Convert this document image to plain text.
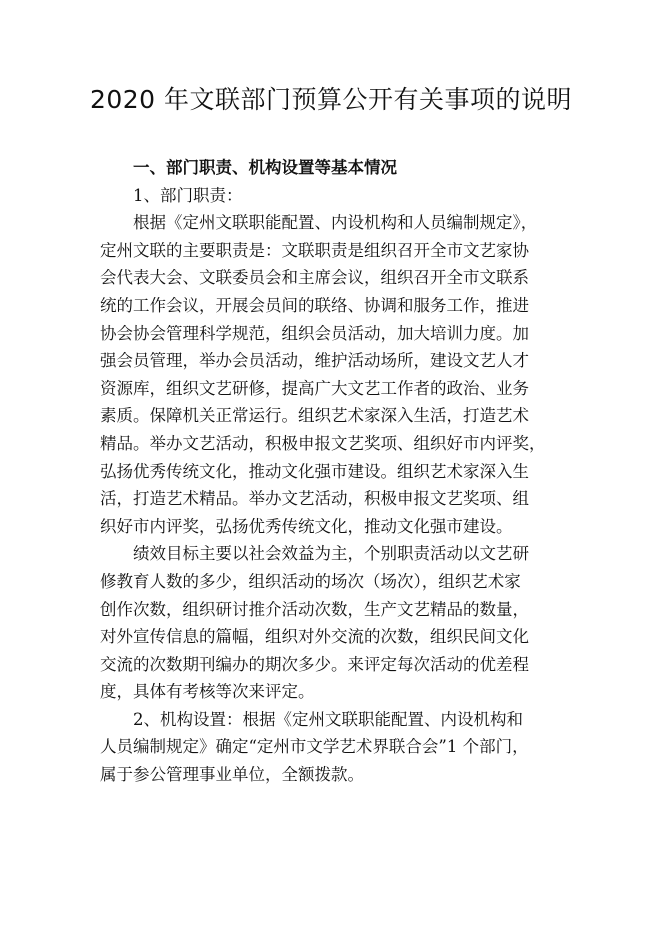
2020 年文联部门预算公开有关事项的说明

一、部门职责、机构设置等基本情况

1、部门职责：

根据《定州文联职能配置、内设机构和人员编制规定》，
定州文联的主要职责是：文联职责是组织召开全市文艺家协
会代表大会、文联委员会和主席会议，组织召开全市文联系
统的工作会议，开展会员间的联络、协调和服务工作，推进
协会协会管理科学规范，组织会员活动，加大培训力度。加
强会员管理，举办会员活动，维护活动场所，建设文艺人才
资源库，组织文艺研修，提高广大文艺工作者的政治、业务
素质。保障机关正常运行。组织艺术家深入生活，打造艺术
精品。举办文艺活动，积极申报文艺奖项、组织好市内评奖，
弘扬优秀传统文化，推动文化强市建设。组织艺术家深入生
活，打造艺术精品。举办文艺活动，积极申报文艺奖项、组
织好市内评奖，弘扬优秀传统文化，推动文化强市建设。
绩效目标主要以社会效益为主，个别职责活动以文艺研
修教育人数的多少，组织活动的场次（场次），组织艺术家
创作次数，组织研讨推介活动次数，生产文艺精品的数量，
对外宣传信息的篇幅，组织对外交流的次数，组织民间文化
交流的次数期刊编办的期次多少。来评定每次活动的优差程
度，具体有考核等次来评定。
2、机构设置：根据《定州文联职能配置、内设机构和
人员编制规定》确定“定州市文学艺术界联合会”1 个部门，
属于参公管理事业单位，全额拨款。
